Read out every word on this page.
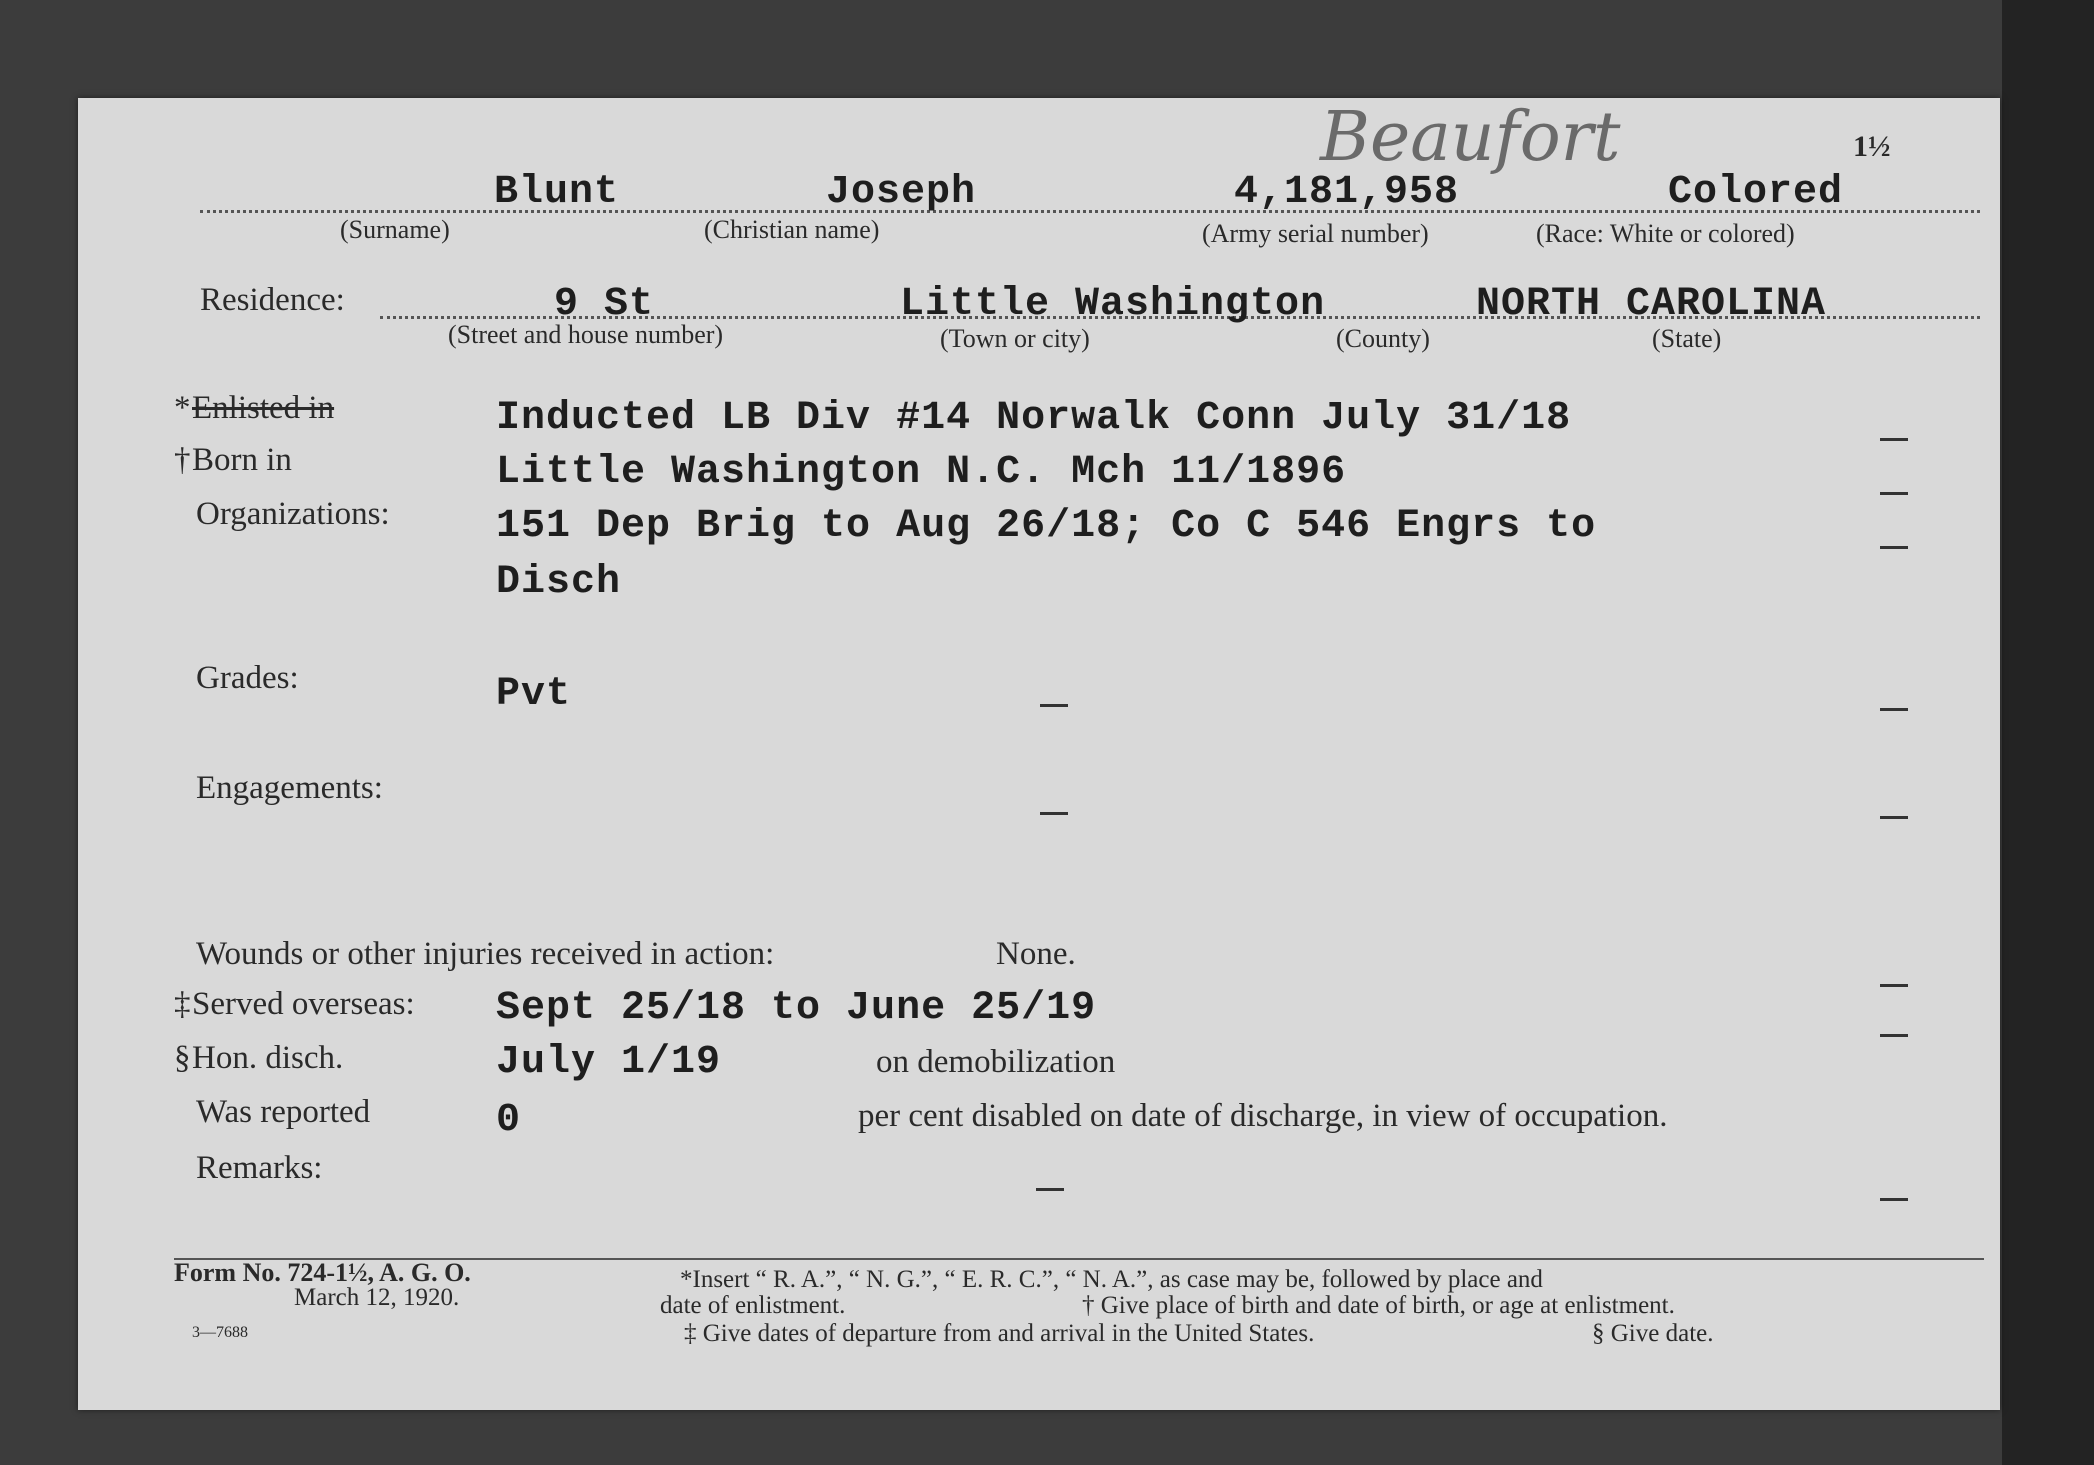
Beaufort	1½
Blunt
(Surname)
Joseph
(Christian name)
4,181,958
(Army serial number)
Colored
(Race: White or colored)
Residence:	9 St
(Street and house number)
Little Washington
(Town or city)	(County)
NORTH CAROLINA
(State)
* Enlisted in	Inducted LB Div #14 Norwalk Conn July 31/18
† Born in	Little Washington N.C. Mch 11/1896
Organizations:	151 Dep Brig to Aug 26/18; Co C 546 Engrs to
Disch
Grades:	Pvt
Engagements:
Wounds or other injuries received in action:	None.
‡ Served overseas: Sept 25/18 to June 25/19
§ Hon. disch.	July 1/19	on demobilization
Was reported	0	per cent disabled on date of discharge, in view of occupation.
Remarks:
Form No. 724-1½, A. G. O.
March 12, 1920.
3—7688
*Insert “ R. A.”, “ N. G.”, “ E. R. C.”, “ N. A.”, as case may be, followed by place and
date of enlistment.	† Give place of birth and date of birth, or age at enlistment.
‡ Give dates of departure from and arrival in the United States.	§ Give date.
